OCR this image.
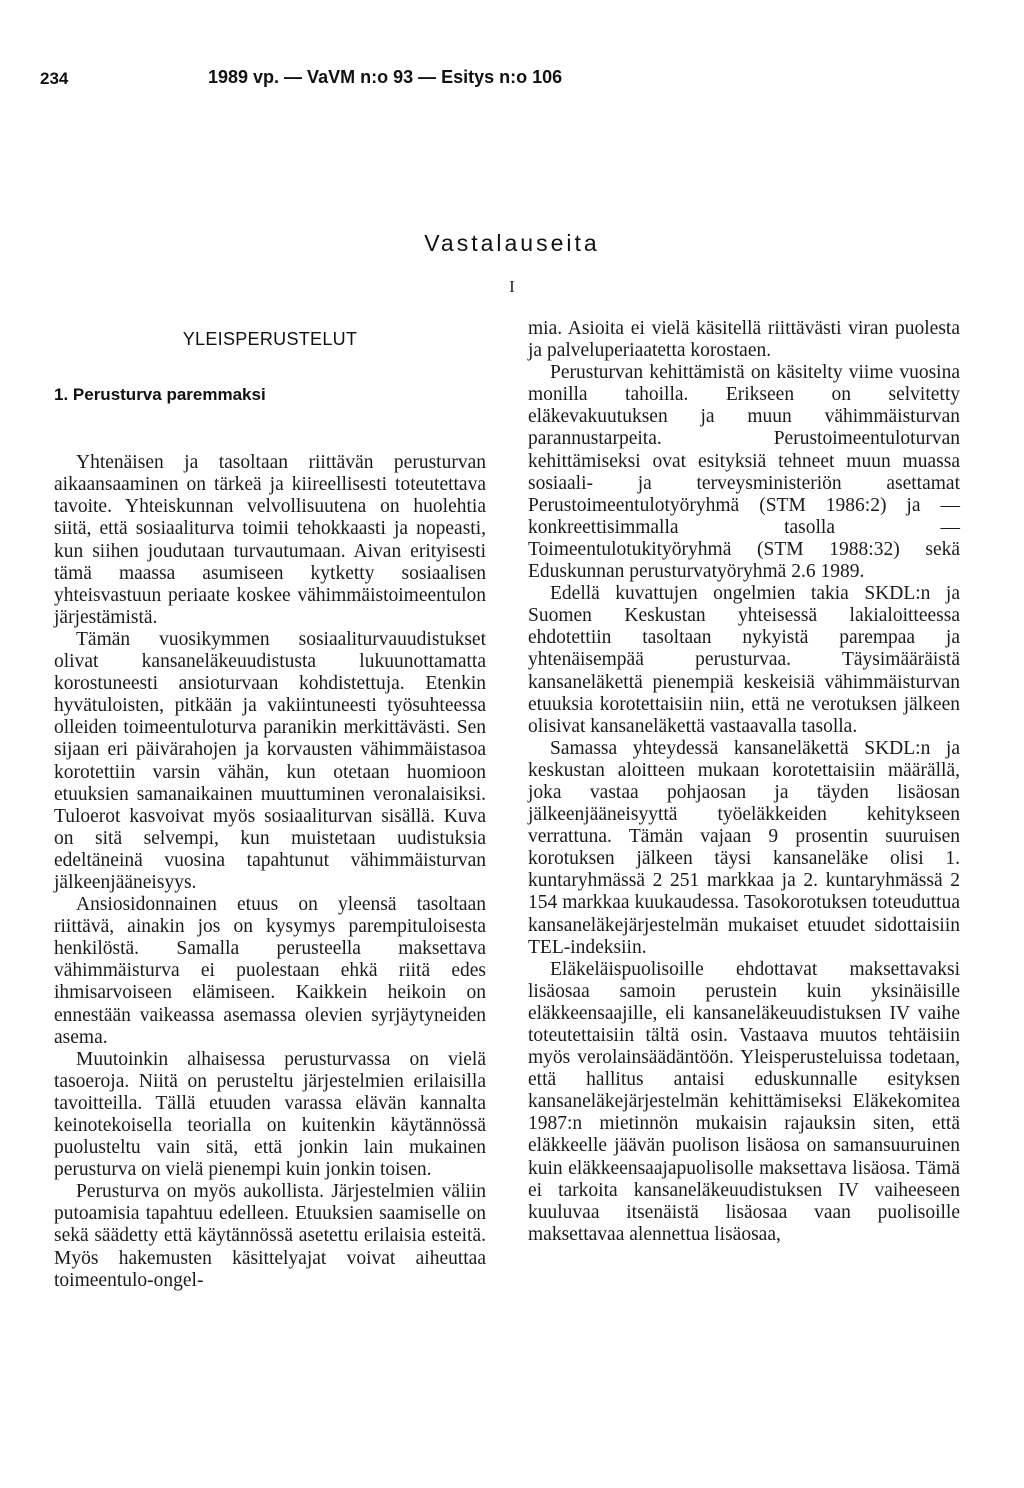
234	1989 vp. — VaVM n:o 93 — Esitys n:o 106
Vastalauseita
I
YLEISPERUSTELUT
1. Perusturva paremmaksi

Yhtenäisen ja tasoltaan riittävän perusturvan aikaansaaminen on tärkeä ja kiireellisesti toteutettava tavoite. Yhteiskunnan velvollisuutena on huolehtia siitä, että sosiaaliturva toimii tehokkaasti ja nopeasti, kun siihen joudutaan turvautumaan. Aivan erityisesti tämä maassa asumiseen kytketty sosiaalisen yhteisvastuun periaate koskee vähimmäistoimeentulon järjestämistä.

Tämän vuosikymmen sosiaaliturvauudistukset olivat kansaneläkeuudistusta lukuunottamatta korostuneesti ansioturvaan kohdistettuja. Etenkin hyvätuloisten, pitkään ja vakiintuneesti työsuhteessa olleiden toimeentuloturva paranikin merkittävästi. Sen sijaan eri päivärahojen ja korvausten vähimmäistasoa korotettiin varsin vähän, kun otetaan huomioon etuuksien samanaikainen muuttuminen veronalaisiksi. Tuloerot kasvoivat myös sosiaaliturvan sisällä. Kuva on sitä selvempi, kun muistetaan uudistuksia edeltäneinä vuosina tapahtunut vähimmäisturvan jälkeenjääneisyys.

Ansiosidonnainen etuus on yleensä tasoltaan riittävä, ainakin jos on kysymys parempituloisesta henkilöstä. Samalla perusteella maksettava vähimmäisturva ei puolestaan ehkä riitä edes ihmisarvoiseen elämiseen. Kaikkein heikoin on ennestään vaikeassa asemassa olevien syrjäytyneiden asema.

Muutoinkin alhaisessa perusturvassa on vielä tasoeroja. Niitä on perusteltu järjestelmien erilaisilla tavoitteilla. Tällä etuuden varassa elävän kannalta keinotekoisella teorialla on kuitenkin käytännössä puolusteltu vain sitä, että jonkin lain mukainen perusturva on vielä pienempi kuin jonkin toisen.

Perusturva on myös aukollista. Järjestelmien väliin putoamisia tapahtuu edelleen. Etuuksien saamiselle on sekä säädetty että käytännössä asetettu erilaisia esteitä. Myös hakemusten käsittelyajat voivat aiheuttaa toimeentulo-ongel-

mia. Asioita ei vielä käsitellä riittävästi viran puolesta ja palveluperiaatetta korostaen.

Perusturvan kehittämistä on käsitelty viime vuosina monilla tahoilla. Erikseen on selvitetty eläkevakuutuksen ja muun vähimmäisturvan parannustarpeita. Perustoimeentuloturvan kehittämiseksi ovat esityksiä tehneet muun muassa sosiaali- ja terveysministeriön asettamat Perustoimeentulotyöryhmä (STM 1986:2) ja — konkreettisimmalla tasolla — Toimeentulotukityöryhmä (STM 1988:32) sekä Eduskunnan perusturvatyöryhmä 2.6 1989.

Edellä kuvattujen ongelmien takia SKDL:n ja Suomen Keskustan yhteisessä lakialoitteessa ehdotettiin tasoltaan nykyistä parempaa ja yhtenäisempää perusturvaa. Täysimääräistä kansaneläkettä pienempiä keskeisiä vähimmäisturvan etuuksia korotettaisiin niin, että ne verotuksen jälkeen olisivat kansaneläkettä vastaavalla tasolla.

Samassa yhteydessä kansaneläkettä SKDL:n ja keskustan aloitteen mukaan korotettaisiin määrällä, joka vastaa pohjaosan ja täyden lisäosan jälkeenjääneisyyttä työeläkkeiden kehitykseen verrattuna. Tämän vajaan 9 prosentin suuruisen korotuksen jälkeen täysi kansaneläke olisi 1. kuntaryhmässä 2 251 markkaa ja 2. kuntaryhmässä 2 154 markkaa kuukaudessa. Tasokorotuksen toteuduttua kansaneläkejärjestelmän mukaiset etuudet sidottaisiin TEL-indeksiin.

Eläkeläispuolisoille ehdottavat maksettavaksi lisäosaa samoin perustein kuin yksinäisille eläkkeensaajille, eli kansaneläkeuudistuksen IV vaihe toteutettaisiin tältä osin. Vastaava muutos tehtäisiin myös verolainsäädäntöön. Yleisperusteluissa todetaan, että hallitus antaisi eduskunnalle esityksen kansaneläkejärjestelmän kehittämiseksi Eläkekomitea 1987:n mietinnön mukaisin rajauksin siten, että eläkkeelle jäävän puolison lisäosa on samansuuruinen kuin eläkkeensaajapuolisolle maksettava lisäosa. Tämä ei tarkoita kansaneläkeuudistuksen IV vaiheeseen kuuluvaa itsenäistä lisäosaa vaan puolisoille maksettavaa alennettua lisäosaa,
